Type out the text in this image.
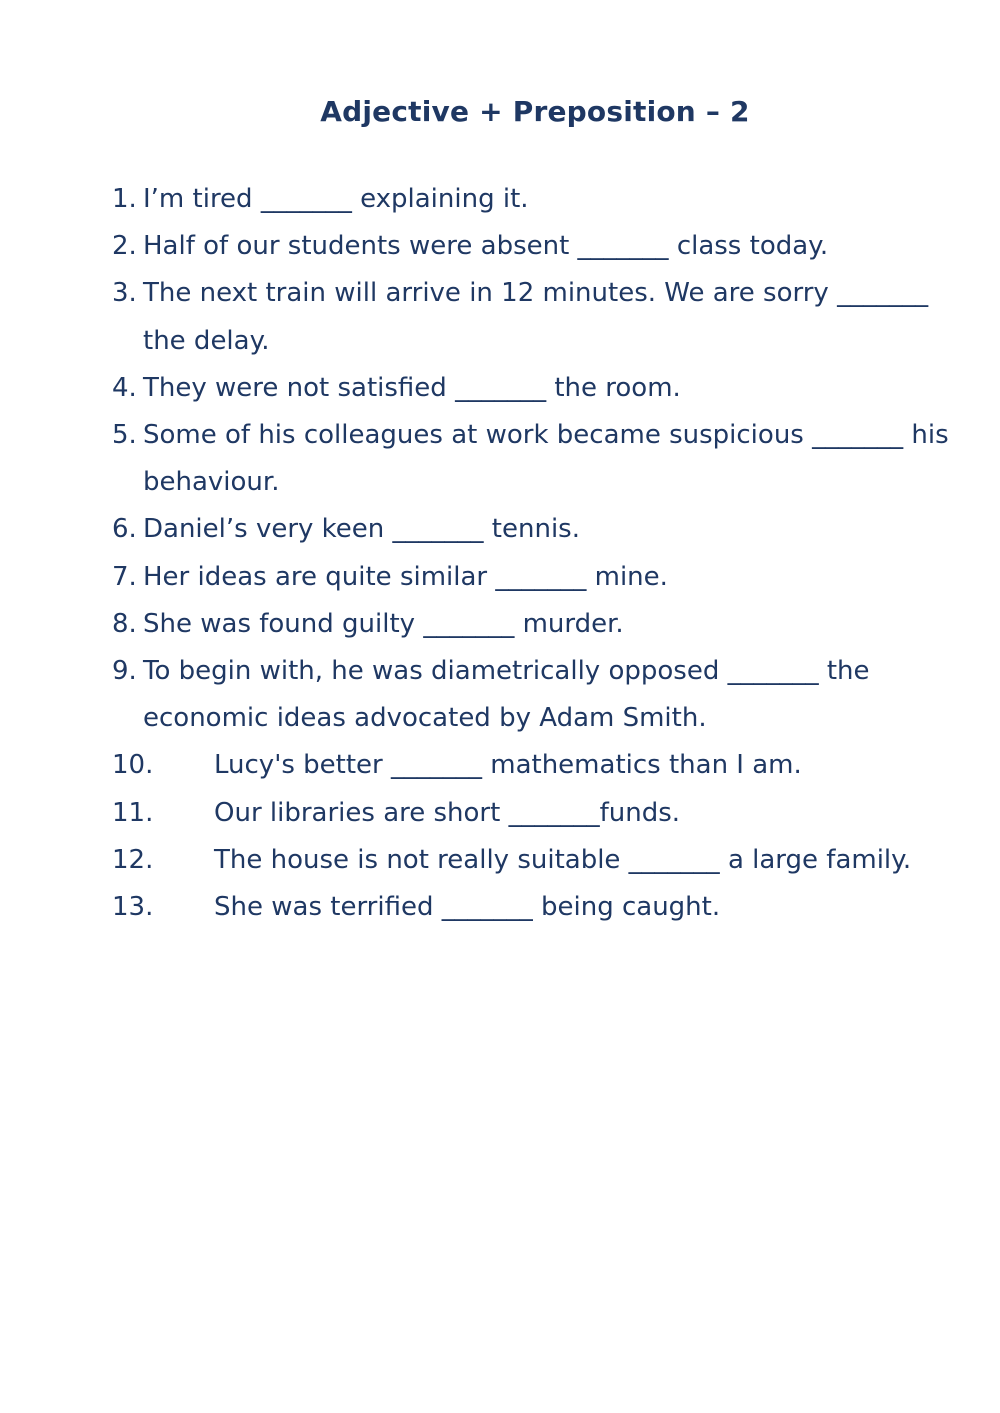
Adjective + Preposition – 2
1. I’m tired _______ explaining it.
2. Half of our students were absent _______ class today.
3. The next train will arrive in 12 minutes. We are sorry _______ the delay.
4. They were not satisfied _______ the room.
5. Some of his colleagues at work became suspicious _______ his behaviour.
6. Daniel’s very keen _______ tennis.
7. Her ideas are quite similar _______ mine.
8. She was found guilty _______ murder.
9. To begin with, he was diametrically opposed _______ the economic ideas advocated by Adam Smith.
10.	Lucy's better _______ mathematics than I am.
11.	Our libraries are short _______funds.
12.	The house is not really suitable _______ a large family.
13.	She was terrified _______ being caught.
